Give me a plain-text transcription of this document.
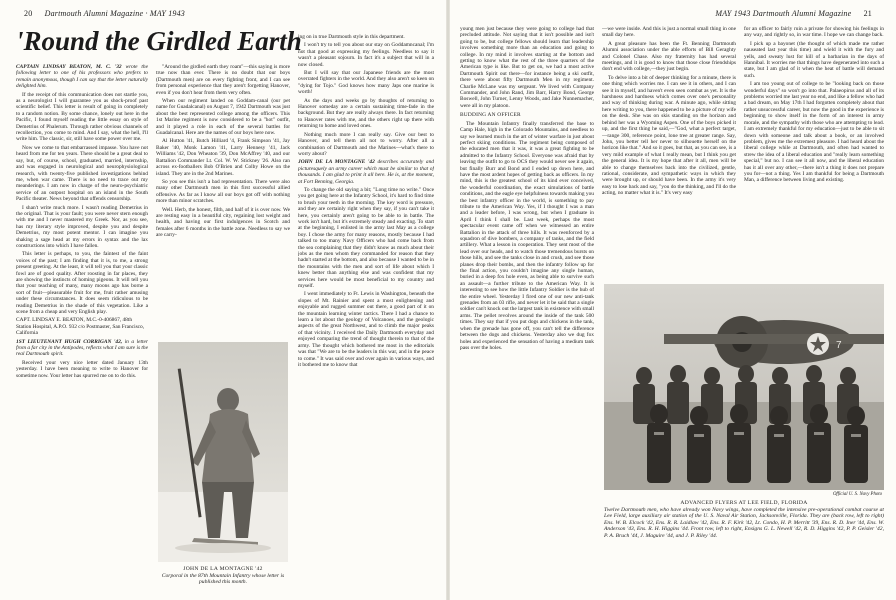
20 Dartmouth Alumni Magazine · MAY 1943
'Round the Girdled Earth

CAPTAIN LINDSAY BEATON, M. C. '32 wrote the following letter to one of his professors who prefers to remain anonymous, though I can say that the letter naturally delighted him.

If the receipt of this communication does not startle you, as a neurologist I will guarantee you as shock-proof past scientific belief. This letter is result of going in completely to a random notion. By some chance, lonely out here in the Pacific, I found myself reading the little essay on style of Demetrius of Phalerum. Through rather obvious channels of recollection, you come to mind. And I say, what the hell, I'll write him. The classic, sir, still have some power over me.

Now we come to that embarrassed impasse. You have not heard from me for ten years. There should be a great deal to say, but, of course, school, graduated, married, internship, and was engaged in neurological and neurophysiological research, with twenty-five published investigations behind me, when war came. There is no need to trace out my meanderings. I am now in charge of the neuro-psychiatric service of an outpost hospital on an island in the South Pacific theater. News beyond that offends censorship.

I shan't write much more. I wasn't reading Demetrius in the original. That is your fault; you were never stern enough with me and I never mastered my Greek. Nor, as you see, has my literary style improved, despite you and despite Demetrius, my most potent mentor. I can imagine you shaking a sage head at my errors in syntax and the lax constructions into which I have fallen.

This letter is perhaps, to you, the faintest of the faint voices of the past; I am finding that it is, to me, a strong present greeting. At the least, it will tell you that your classic fowl are of good quality. After roosting in far places, they are showing the instincts of homing pigeons. It will tell you that your teaching of many, many moons ago has borne a sort of fruit—pleasurable fruit for me, fruit rather amusing under these circumstances. It does seem ridiculous to be reading Demetrius in the shade of this vegetation. Like a scene from a cheap and very English play.

CAPT. LINDSAY E. BEATON, M.C.-0-406867, 48th Station Hospital, A.P.O. 932 c/o Postmaster, San Francisco, California

1ST LIEUTENANT HUGH CORRIGAN '42, in a letter from a far city in the Antipodes, reflects what I am sure is the real Dartmouth spirit.

Received your very nice letter dated January 13th yesterday. I have been meaning to write to Hanover for sometime now. Your letter has spurred me on to do this.

"Around the girdled earth they roam"—this saying is more true now than ever. There is no doubt that our boys (Dartmouth men) are on every fighting front, and I can see from personal experience that they aren't forgetting Hanover, even if you don't hear from them very often.

When our regiment landed on Goddam-canal (our pet name for Guadalcanal) on August 7, 1942 Dartmouth was just about the best represented college among the officers. This 1st Marine regiment is now considered to be a "hot" outfit, and it played a role in each of the several battles for Guadalcanal. Here are the names of our boys here now.

Al Hutton '41, Butch Hilliard '4, Frank Simpson '41, Jay Baker '40, Monk Lamon '41, Larry Hennesy '41, Jack Williams '42, Don Wheaton '39, Don McAffrey '40, and our Battalion Commander Lt. Col. W. W. Stickney '26. Also ran across ex-footballers Bob O'Brien and Colby Howe on the island. They are in the 2nd Marines.

So you see this isn't a bad representation. There were also many other Dartmouth men in this first successful allied offensive. As far as I know all our boys got off with nothing more than minor scratches.

Well. Herb, the honest, filth, and half of it is over now. We are resting easy in a beautiful city, regaining lost weight and health, and having our first indulgences in Scotch and females after 6 months in the battle zone. Needless to say we are carry-

JOHN DE LA MONTAGNE '42
Corporal in the 87th Mountain Infantry whose letter is published this month.

ing on in true Dartmouth style in this department.

I won't try to tell you about our stay on Goddamncanal; I'm not that good at expressing my feelings. Needless to say it wasn't a pleasant sojourn. In fact it's a subject that will in a now closed.

But I will say that our Japanese friends are the most overrated fighters in the world. And they also aren't so keen on "dying for Tojo." God knows how many Japs one marine is worth!

As the days and weeks go by thoughts of returning to Hanover someday are a certain sustaining time-fade in the background. But they are really always there. In fact returning to Hanover rates with me, and the others right up there with returning to home and loved ones.

Nothing much more I can really say. Give our best to Hanover, and tell them all not to worry. After all a combination of Dartmouth and the Marines—what's there to worry about?

JOHN DE LA MONTAGNE '42 describes accurately and picturesquely an army career which must be similar to that of thousands. I am glad to print it all here. He is, at the moment, at Fort Benning, Georgia.

To change the old saying a bit; "Long time no write." Once you get going here at the Infantry School, it's hard to find time to brush your teeth in the morning. The key word is pressure, and they are certainly right when they say, if you can't take it here, you certainly aren't going to be able to in battle. The work isn't hard, but it's extremely steady and exacting. To start at the beginning, I enlisted in the army last May as a college boy. I chose the army for many reasons, mostly because I had talked to too many Navy Officers who had come back from the sea complaining that they didn't know as much about their jobs as the men whom they commanded for reason that they hadn't started at the bottom, and also because I wanted to be in the mountains with the men and sort of life about which I knew better than anything else and was confident that my services here would be most beneficial to my country and myself.

I went immediately to Ft. Lewis in Washington, beneath the slopes of Mt. Rainier and spent a most enlightening and enjoyable and rugged summer out there, a good part of it on the mountain learning winter tactics. There I had a chance to learn a lot about the geology of Volcanoes, and the geologic aspects of the great Northwest, and to climb the major peaks of that vicinity. I received the Daily Dartmouth everyday and enjoyed comparing the trend of thought therein to that of the army. The thought which bothered me most in the editorials was that "We are to be the leaders in this war, and in the peace to come." It was said over and over again in various ways, and it bothered me to know that

MAY 1943 Dartmouth Alumni Magazine 21

young men just because they were going to college had that precluded attitude. Not saying that it isn't possible and isn't going to be, but college fellows should learn that leadership involves something more than an education and going to college. In my mind it involves starting at the bottom and getting to know what the rest of the three quarters of the American type is like. But to get on, we had a most active Dartmouth Spirit out there—for instance being a ski outfit, there were about fifty Dartmouth Men in my regiment. Charlie McLane was my sergeant. We lived with Company Commander, and John Rand, Jim Barr, Harry Bond, George Boswell, John Turner, Lenny Woods, and Jake Nunnemacher, were all in my platoon.

BUDDING AN OFFICER

The Mountain Infantry finally transferred the base to Camp Hale, high in the Colorado Mountains, and needless to say we learned much in the art of winter warfare in just about perfect skiing conditions. The regiment being composed of the educated men that it was, it was a great fighting to be admitted to the Infantry School. Everyone was afraid that by leaving the outfit to go to OCS they would never see it again, but finally Burr and Bond and I ended up down here, and have the most ardent hopes of getting back as officers. In my mind, this is the greatest school of its kind ever conceived, the wonderful coordination, the exact simulations of battle conditions, and the eagle eye helpfulness towards making you the best infantry officer in the world, is something to pay tribute to the American Way. Yes, if I thought I was a man and a leader before, I was wrong, but when I graduate in April I think I shall be. Last week, perhaps the most spectacular event came off when we witnessed an entire Battalion in the attack of three hills. It was reenforced by a squadron of dive bombers, a company of tanks, and the field artillery. What a lesson in cooperation. They sent most of the lead over our heads, and to watch those tremendous bursts on those hills, and see the tanks close in and crush, and see those planes drop their bombs, and then the infantry follow up for the final action, you couldn't imagine any single human, buried in a deep fox hole even, as being able to survive such an assault—a further tribute to the American Way. It is interesting to see how the little Infantry Soldier is the hub of the entire wheel. Yesterday I fired one of our new anti-tank grenades from an 03 rifle, and never let it be said that a single soldier can't knock out the largest tank in existence with small arms. The pellet revolves around the inside of the tank 500 times. They say that if you put dogs and chickens in the tank, when the grenade has gone off, you can't tell the difference between the dogs and chickens. Yesterday also we dug fox holes and experienced the sensation of having a medium tank pass over the holes.

—we were inside. And this is just a normal small thing in one small day here.

A great pleasure has been the Ft. Benning Dartmouth Alumni association under the able efforts of Bill Geraghty and Colonel Chase. Also my fraternity has had several meetings, and it is good to know that those close friendships don't end with college,—they just begin.

To delve into a bit of deeper thinking for a minute, there is one thing which worries me. I can see it in others, and I can see it in myself, and haven't even seen combat as yet. It is the harshness and hardness which comes over one's personality and way of thinking during war. A minute ago, while sitting here writing to you, there happened to be a picture of my wife on the desk. She was on skis standing on the horizon and behind her was a Wyoming Aspen. One of the boys picked it up, and the first thing he said,—"God, what a perfect target, —range 300, reference point, lone tree at greater range. Say, John, you better tell her never to silhouette herself on the horizon like that." And so it goes, but that, as you can see, is a very mild example of what I really mean, but I think you get the general idea. It is my hope that after it all, men will be able to change themselves back into the civilized, gentle, rational, considerate, and sympathetic ways in which they were brought up, or should have been. In the army it's very easy to lose back and say, "you do the thinking, and I'll do the acting, no matter what it is." It's very easy

for an officer to fairly ruin a private for showing his feelings in any way, and rightly so, in war time. I hope we can change back.

I pick up a bayonet (the thought of which made me rather nauseated last year this time) and wield it with the fury and yells, and sweaty lust for kill of a barbarian in the days of Hannibal. It worries me that things have degenerated into such a state, but I am glad of it when the heat of battle will demand such.

I am too young out of college to be "looking back on those wonderful days" so won't go into that. Palaeopirus and all of its problems worried me last year no end, and like a fellow who had a bad dream, on May 17th I had forgotten completely about that rather unsuccessful career, but now the good in the experience is beginning to show itself in the form of an interest in army morale, and the sympathy with those who are attempting to lead. I am extremely thankful for my education—just to be able to sit down with someone and talk about a book, or an involved problem, gives me the extremest pleasure. I had heard about the liberal college while at Dartmouth, and often had wanted to strew the idea of a liberal education and "really learn something special," but no. I can see it all now, and the liberal education has it all over any other,—there isn't a thing it does not prepare you for—not a thing. Yes I am thankful for being a Dartmouth Man, a difference between living and existing.

7
Official U. S. Navy Photo
ADVANCED FLYERS AT LEE FIELD, FLORIDA
Twelve Dartmouth men, who have already won Navy wings, have completed the intensive pre-operational combat course at Lee Field, large auxiliary air station of the U. S. Naval Air Station, Jacksonville, Florida. They are (back row, left to right) Ens. W. B. Elcock '42, Ens. R. R. Laidlaw '42, Ens. R. F. Kirk '42, Lt. Condo, H. P. Merritt '39, Ens. R. D. Iner '44, Ens. W. Anderson '43, Ens. R. H. Higgins '44. Front row, left to right, Ensigns G. L. Newell '42, R. D. Higgins '42, P. P. Geisler '42, P. A. Bruch '44, J. Maguire '44, and J. P. Riley '44.
